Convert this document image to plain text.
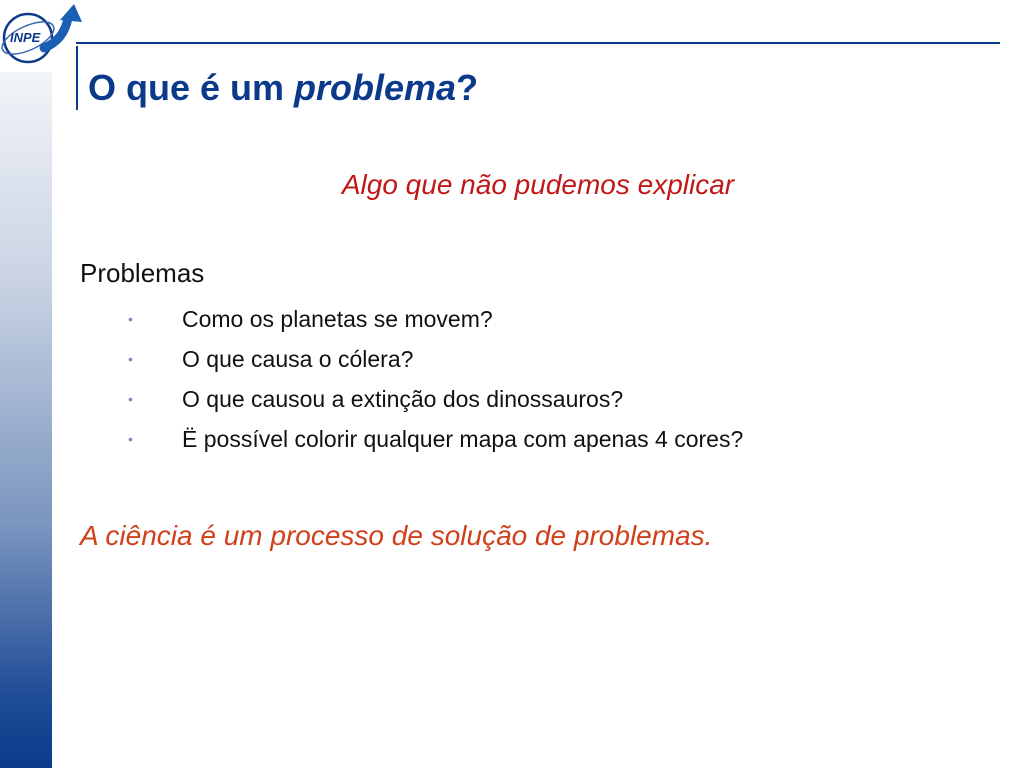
INPE
O que é um problema?
Algo que não pudemos explicar
Problemas
• Como os planetas se movem?
• O que causa o cólera?
• O que causou a extinção dos dinossauros?
• Ë possível colorir qualquer mapa com apenas 4 cores?
A ciência é um processo de solução de problemas.
